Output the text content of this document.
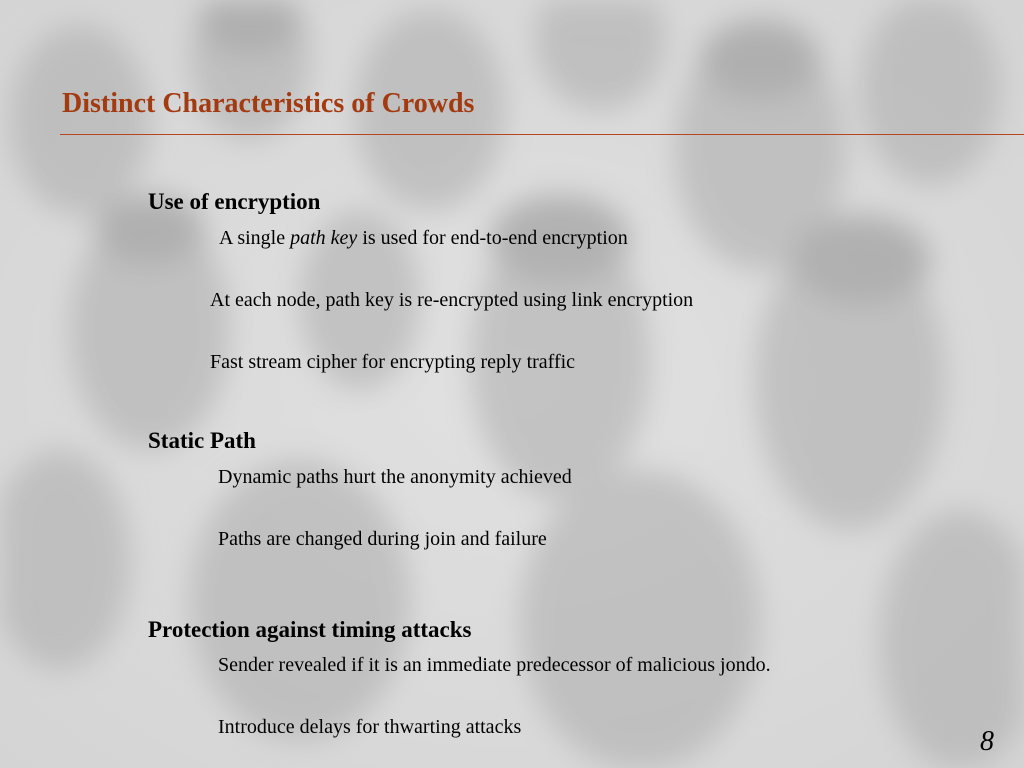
Distinct Characteristics of Crowds
Use of encryption
A single path key is used for end-to-end encryption
At each node, path key is re-encrypted using link encryption
Fast stream cipher for encrypting reply traffic
Static Path
Dynamic paths hurt the anonymity achieved
Paths are changed during join and failure
Protection against timing attacks
Sender revealed if it is an immediate predecessor of malicious jondo.
Introduce delays for thwarting attacks	8
